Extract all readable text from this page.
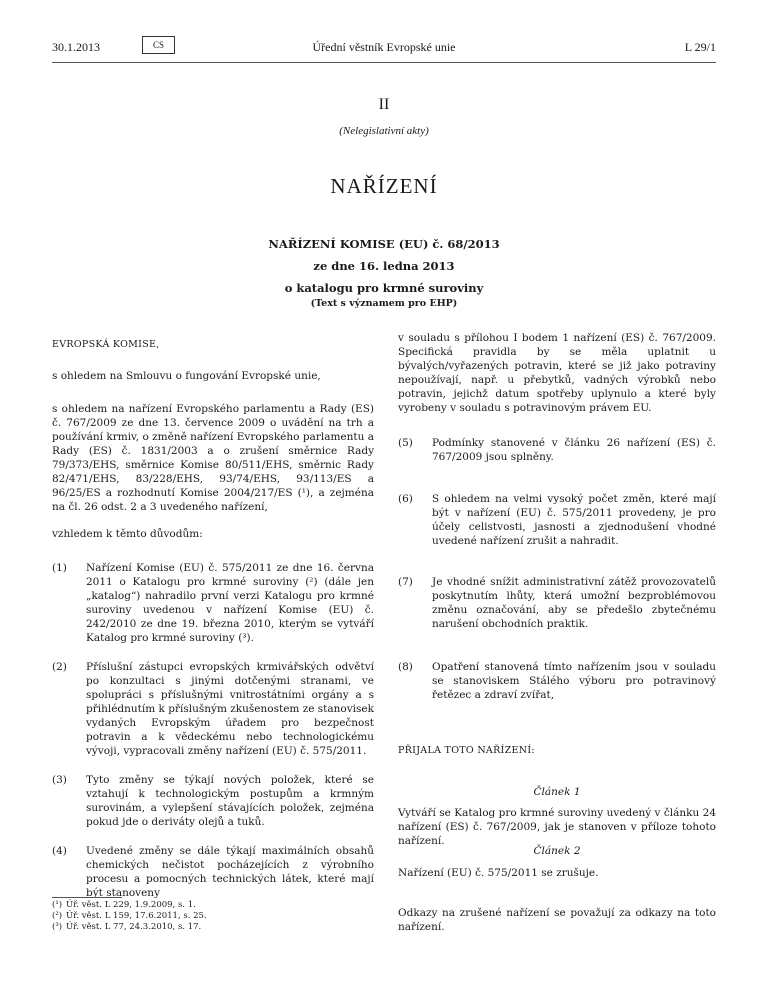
30.1.2013	CS	Úřední věstník Evropské unie	L 29/1
II
(Nelegislativní akty)
NAŘÍZENÍ
NAŘÍZENÍ KOMISE (EU) č. 68/2013
ze dne 16. ledna 2013
o katalogu pro krmné suroviny
(Text s významem pro EHP)
EVROPSKÁ KOMISE,

s ohledem na Smlouvu o fungování Evropské unie,

s ohledem na nařízení Evropského parlamentu a Rady (ES) č. 767/2009 ze dne 13. července 2009 o uvádění na trh a používání krmiv, o změně nařízení Evropského parlamentu a Rady (ES) č. 1831/2003 a o zrušení směrnice Rady 79/373/EHS, směrnice Komise 80/511/EHS, směrnic Rady 82/471/EHS, 83/228/EHS, 93/74/EHS, 93/113/ES a 96/25/ES a rozhodnutí Komise 2004/217/ES (¹), a zejména na čl. 26 odst. 2 a 3 uvedeného nařízení,

vzhledem k těmto důvodům:

(1) Nařízení Komise (EU) č. 575/2011 ze dne 16. června 2011 o Katalogu pro krmné suroviny (²) (dále jen „katalog“) nahradilo první verzi Katalogu pro krmné suroviny uvedenou v nařízení Komise (EU) č. 242/2010 ze dne 19. března 2010, kterým se vytváří Katalog pro krmné suroviny (³).

(2) Příslušní zástupci evropských krmivářských odvětví po konzultaci s jinými dotčenými stranami, ve spolupráci s příslušnými vnitrostátními orgány a s přihlédnutím k příslušným zkušenostem ze stanovisek vydaných Evropským úřadem pro bezpečnost potravin a k vědeckému nebo technologickému vývoji, vypracovali změny nařízení (EU) č. 575/2011.

(3) Tyto změny se týkají nových položek, které se vztahují k technologickým postupům a krmným surovinám, a vylepšení stávajících položek, zejména pokud jde o deriváty olejů a tuků.

(4) Uvedené změny se dále týkají maximálních obsahů chemických nečistot pocházejících z výrobního procesu a pomocných technických látek, které mají být stanoveny

(¹) Úř. věst. L 229, 1.9.2009, s. 1.
(²) Úř. věst. L 159, 17.6.2011, s. 25.
(³) Úř. věst. L 77, 24.3.2010, s. 17.

v souladu s přílohou I bodem 1 nařízení (ES) č. 767/2009. Specifická pravidla by se měla uplatnit u bývalých/vyřazených potravin, které se již jako potraviny nepoužívají, např. u přebytků, vadných výrobků nebo potravin, jejichž datum spotřeby uplynulo a které byly vyrobeny v souladu s potravinovým právem EU.

(5) Podmínky stanovené v článku 26 nařízení (ES) č. 767/2009 jsou splněny.

(6) S ohledem na velmi vysoký počet změn, které mají být v nařízení (EU) č. 575/2011 provedeny, je pro účely celistvosti, jasnosti a zjednodušení vhodné uvedené nařízení zrušit a nahradit.

(7) Je vhodné snížit administrativní zátěž provozovatelů poskytnutím lhůty, která umožní bezproblémovou změnu označování, aby se předešlo zbytečnému narušení obchodních praktik.

(8) Opatření stanovená tímto nařízením jsou v souladu se stanoviskem Stálého výboru pro potravinový řetězec a zdraví zvířat,

PŘIJALA TOTO NAŘÍZENÍ:
Článek 1

Vytváří se Katalog pro krmné suroviny uvedený v článku 24 nařízení (ES) č. 767/2009, jak je stanoven v příloze tohoto nařízení.

Článek 2

Nařízení (EU) č. 575/2011 se zrušuje.

Odkazy na zrušené nařízení se považují za odkazy na toto nařízení.
